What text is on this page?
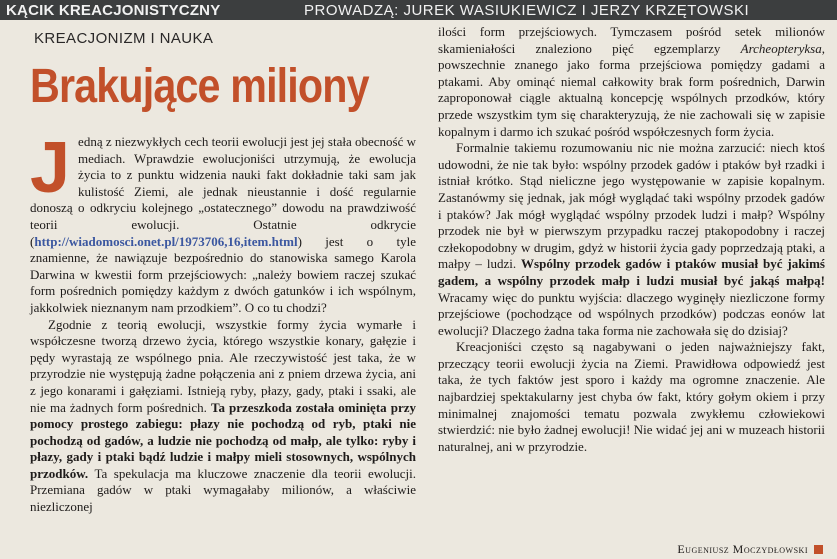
KĄCIK KREACJONISTYCZNY	PROWADZĄ: JUREK WASIUKIEWICZ I JERZY KRZĘTOWSKI
KREACJONIZM I NAUKA
Brakujące miliony

Jedną z niezwykłych cech teorii ewolucji jest jej stała obecność w mediach. Wprawdzie ewolucjoniści utrzymują, że ewolucja życia to z punktu widzenia nauki fakt dokładnie taki sam jak kulistość Ziemi, ale jednak nieustannie i dość regularnie donoszą o odkryciu kolejnego „ostatecznego” dowodu na prawdziwość teorii ewolucji. Ostatnie odkrycie (http://wiadomosci.onet.pl/1973706,16,item.html) jest o tyle znamienne, że nawiązuje bezpośrednio do stanowiska samego Karola Darwina w kwestii form przejściowych: „należy bowiem raczej szukać form pośrednich pomiędzy każdym z dwóch gatunków i ich wspólnym, jakkolwiek nieznanym nam przodkiem”. O co tu chodzi?

Zgodnie z teorią ewolucji, wszystkie formy życia wymarłe i współczesne tworzą drzewo życia, którego wszystkie konary, gałęzie i pędy wyrastają ze wspólnego pnia. Ale rzeczywistość jest taka, że w przyrodzie nie występują żadne połączenia ani z pniem drzewa życia, ani z jego konarami i gałęziami. Istnieją ryby, płazy, gady, ptaki i ssaki, ale nie ma żadnych form pośrednich. Ta przeszkoda została ominięta przy pomocy prostego zabiegu: płazy nie pochodzą od ryb, ptaki nie pochodzą od gadów, a ludzie nie pochodzą od małp, ale tylko: ryby i płazy, gady i ptaki bądź ludzie i małpy mieli stosownych, wspólnych przodków. Ta spekulacja ma kluczowe znaczenie dla teorii ewolucji. Przemiana gadów w ptaki wymagałaby milionów, a właściwie niezliczonej

ilości form przejściowych. Tymczasem pośród setek milionów skamieniałości znaleziono pięć egzemplarzy Archeopteryksa, powszechnie znanego jako forma przejściowa pomiędzy gadami a ptakami. Aby ominąć niemal całkowity brak form pośrednich, Darwin zaproponował ciągle aktualną koncepcję wspólnych przodków, który przede wszystkim tym się charakteryzują, że nie zachowali się w zapisie kopalnym i darmo ich szukać pośród współczesnych form życia.

Formalnie takiemu rozumowaniu nic nie można zarzucić: niech ktoś udowodni, że nie tak było: wspólny przodek gadów i ptaków był rzadki i istniał krótko. Stąd nieliczne jego występowanie w zapisie kopalnym. Zastanówmy się jednak, jak mógł wyglądać taki wspólny przodek gadów i ptaków? Jak mógł wyglądać wspólny przodek ludzi i małp? Wspólny przodek nie był w pierwszym przypadku raczej ptakopodobny i raczej człekopodobny w drugim, gdyż w historii życia gady poprzedzają ptaki, a małpy – ludzi. Wspólny przodek gadów i ptaków musiał być jakimś gadem, a wspólny przodek małp i ludzi musiał być jakąś małpą! Wracamy więc do punktu wyjścia: dlaczego wyginęły niezliczone formy przejściowe (pochodzące od wspólnych przodków) podczas eonów lat ewolucji? Dlaczego żadna taka forma nie zachowała się do dzisiaj?

Kreacjoniści często są nagabywani o jeden najważniejszy fakt, przeczący teorii ewolucji życia na Ziemi. Prawidłowa odpowiedź jest taka, że tych faktów jest sporo i każdy ma ogromne znaczenie. Ale najbardziej spektakularny jest chyba ów fakt, który gołym okiem i przy minimalnej znajomości tematu pozwala zwykłemu człowiekowi stwierdzić: nie było żadnej ewolucji! Nie widać jej ani w muzeach historii naturalnej, ani w przyrodzie.

Eugeniusz Moczydłowski
